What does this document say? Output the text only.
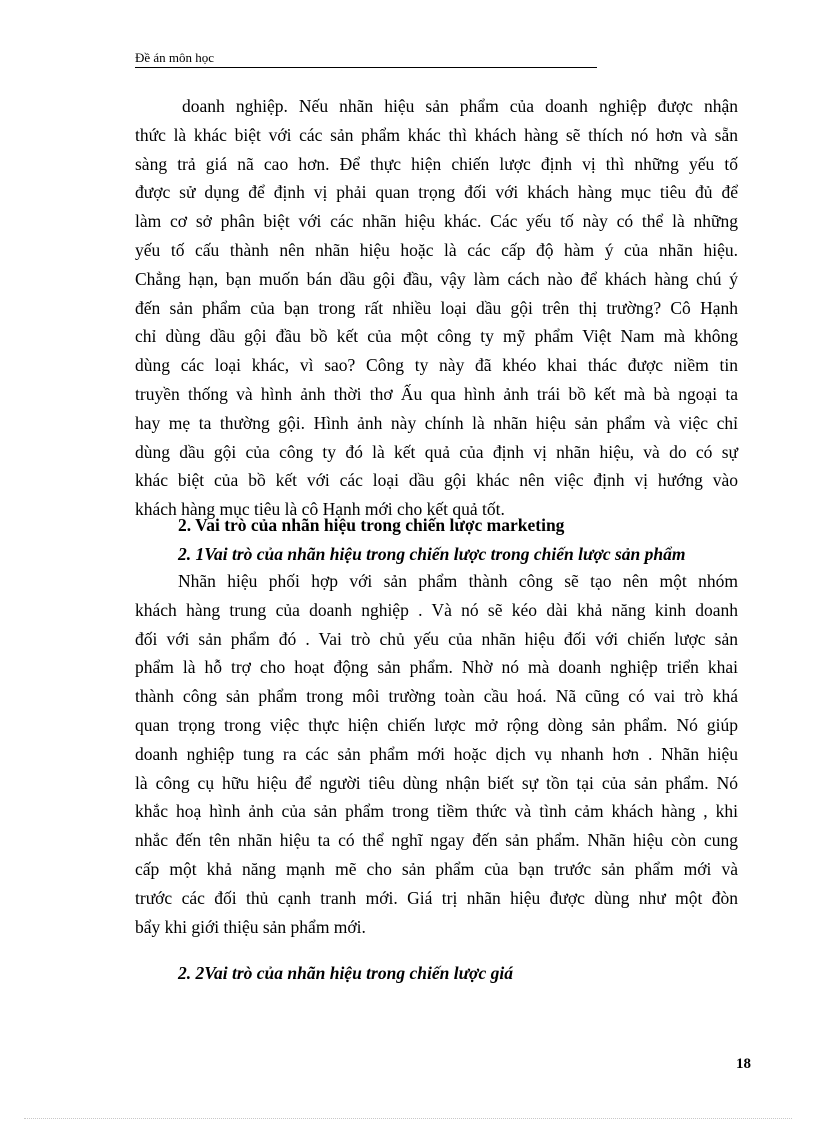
Đề án môn học
doanh nghiệp. Nếu nhãn hiệu sản phẩm của doanh nghiệp được nhận
thức là khác biệt với các sản phẩm khác thì khách hàng sẽ thích nó hơn và sẵn
sàng trả giá nã cao hơn. Để thực hiện chiến lược định vị thì những yếu tố
được sử dụng để định vị phải quan trọng đối với khách hàng mục tiêu đủ để
làm cơ sở phân biệt với các nhãn hiệu khác. Các yếu tố này có thể là những
yếu tố cấu thành nên nhãn hiệu hoặc là các cấp độ hàm ý của nhãn hiệu.
Chẳng hạn, bạn muốn bán dầu gội đầu, vậy làm cách nào để khách hàng chú ý
đến sản phẩm của bạn trong rất nhiều loại dầu gội trên thị trường? Cô Hạnh
chỉ dùng dầu gội đầu bồ kết của một công ty mỹ phẩm Việt Nam mà không
dùng các loại khác, vì sao? Công ty này đã khéo khai thác được niềm tin
truyền thống và hình ảnh thời thơ Ấu qua hình ảnh trái bồ kết mà bà ngoại ta
hay mẹ ta thường gội. Hình ảnh này chính là nhãn hiệu sản phẩm và việc chỉ
dùng dầu gội của công ty đó là kết quả của định vị nhãn hiệu, và do có sự
khác biệt của bồ kết với các loại dầu gội khác nên việc định vị hướng vào
khách hàng mục tiêu là cô Hạnh mới cho kết quả tốt.
2. Vai trò của nhãn hiệu trong chiến lược marketing
2. 1Vai trò của nhãn hiệu trong chiến lược trong chiến lược sản phẩm
Nhãn hiệu phối hợp với sản phẩm thành công sẽ tạo nên một nhóm
khách hàng trung của doanh nghiệp . Và nó sẽ kéo dài khả năng kinh doanh
đối với sản phẩm đó . Vai trò chủ yếu của nhãn hiệu đối với chiến lược sản
phẩm là hỗ trợ cho hoạt động sản phẩm. Nhờ nó mà doanh nghiệp triển khai
thành công sản phẩm trong môi trường toàn cầu hoá. Nã cũng có vai trò khá
quan trọng trong việc thực hiện chiến lược mở rộng dòng sản phẩm. Nó giúp
doanh nghiệp tung ra các sản phẩm mới hoặc dịch vụ nhanh hơn . Nhãn hiệu
là công cụ hữu hiệu để người tiêu dùng nhận biết sự tồn tại của sản phẩm. Nó
khắc hoạ hình ảnh của sản phẩm trong tiềm thức và tình cảm khách hàng , khi
nhắc đến tên nhãn hiệu ta có thể nghĩ ngay đến sản phẩm. Nhãn hiệu còn cung
cấp một khả năng mạnh mẽ cho sản phẩm của bạn trước sản phẩm mới và
trước các đối thủ cạnh tranh mới. Giá trị nhãn hiệu được dùng như một đòn
bẩy khi giới thiệu sản phẩm mới.
2. 2Vai trò của nhãn hiệu trong chiến lược giá
18
